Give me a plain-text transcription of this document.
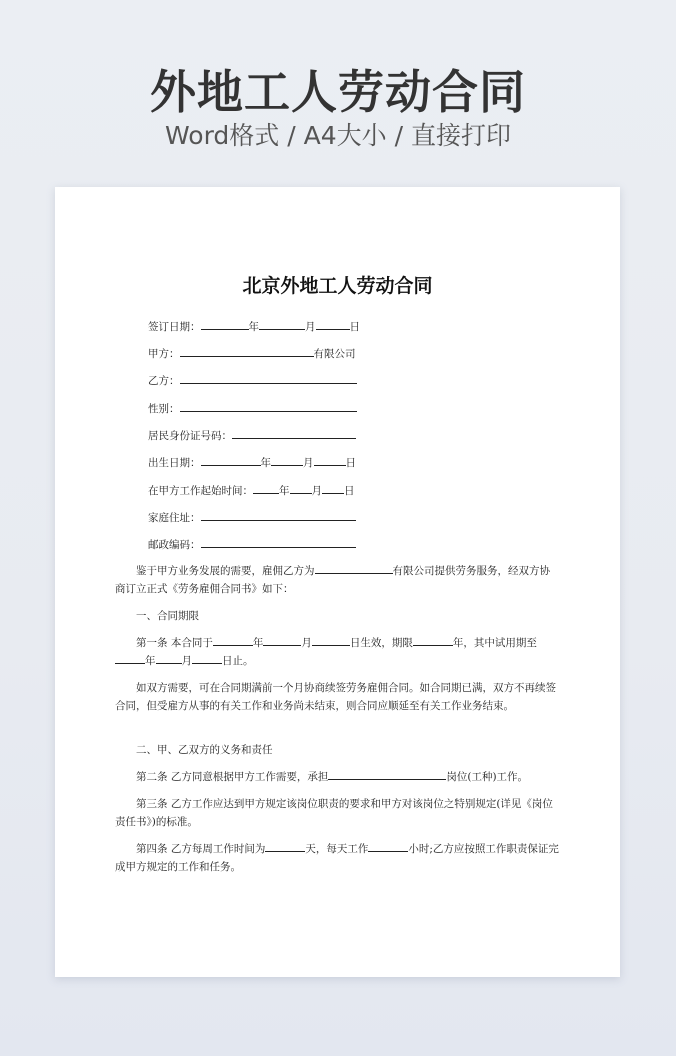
外地工人劳动合同
Word格式 / A4大小 / 直接打印
北京外地工人劳动合同
签订日期：	年	月	日
甲方：	有限公司
乙方：
性别：
居民身份证号码：
出生日期：	年	月	日
在甲方工作起始时间： 年 月 日
家庭住址：
邮政编码：
鉴于甲方业务发展的需要，雇佣乙方为	有限公司提供劳务服务，经双方协商订立正式《劳务雇佣合同书》如下：
一、合同期限
第一条 本合同于	年	月	日生效，期限	年，其中试用期至年 月	日止。
如双方需要，可在合同期满前一个月协商续签劳务雇佣合同。如合同期已满，双方不再续签合同，但受雇方从事的有关工作和业务尚未结束，则合同应顺延至有关工作业务结束。
二、甲、乙双方的义务和责任
第二条 乙方同意根据甲方工作需要，承担	岗位(工种)工作。
第三条 乙方工作应达到甲方规定该岗位职责的要求和甲方对该岗位之特别规定(详见《岗位责任书》)的标准。
第四条 乙方每周工作时间为	天，每天工作	小时;乙方应按照工作职责保证完成甲方规定的工作和任务。
